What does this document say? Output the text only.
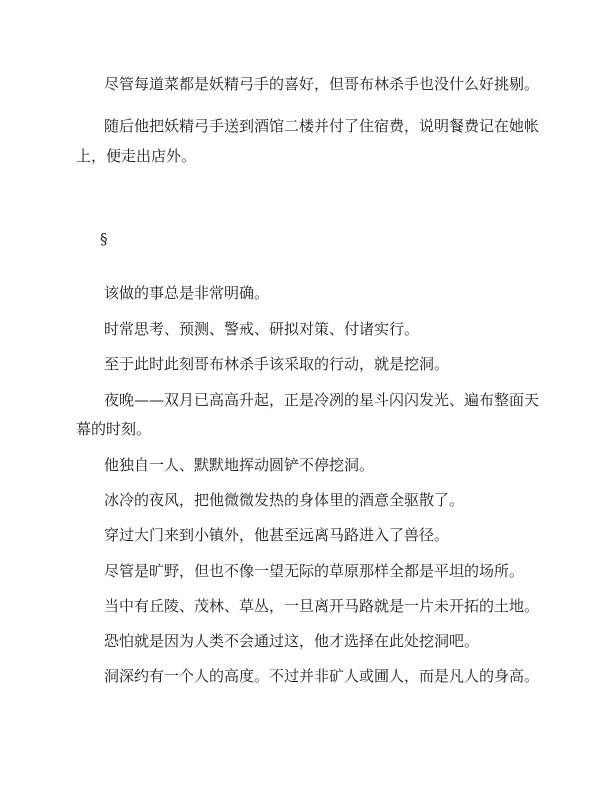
尽管每道菜都是妖精弓手的喜好，但哥布林杀手也没什么好挑剔。

随后他把妖精弓手送到酒馆二楼并付了住宿费，说明餐费记在她帐

上，便走出店外。

§

该做的事总是非常明确。

时常思考、预测、警戒、研拟对策、付诸实行。

至于此时此刻哥布林杀手该采取的行动，就是挖洞。

夜晚——双月已高高升起，正是冷冽的星斗闪闪发光、遍布整面天

幕的时刻。

他独自一人、默默地挥动圆铲不停挖洞。

冰冷的夜风，把他微微发热的身体里的酒意全驱散了。

穿过大门来到小镇外，他甚至远离马路进入了兽径。

尽管是旷野，但也不像一望无际的草原那样全都是平坦的场所。

当中有丘陵、茂林、草丛，一旦离开马路就是一片未开拓的土地。

恐怕就是因为人类不会通过这，他才选择在此处挖洞吧。

洞深约有一个人的高度。不过并非矿人或圃人，而是凡人的身高。
